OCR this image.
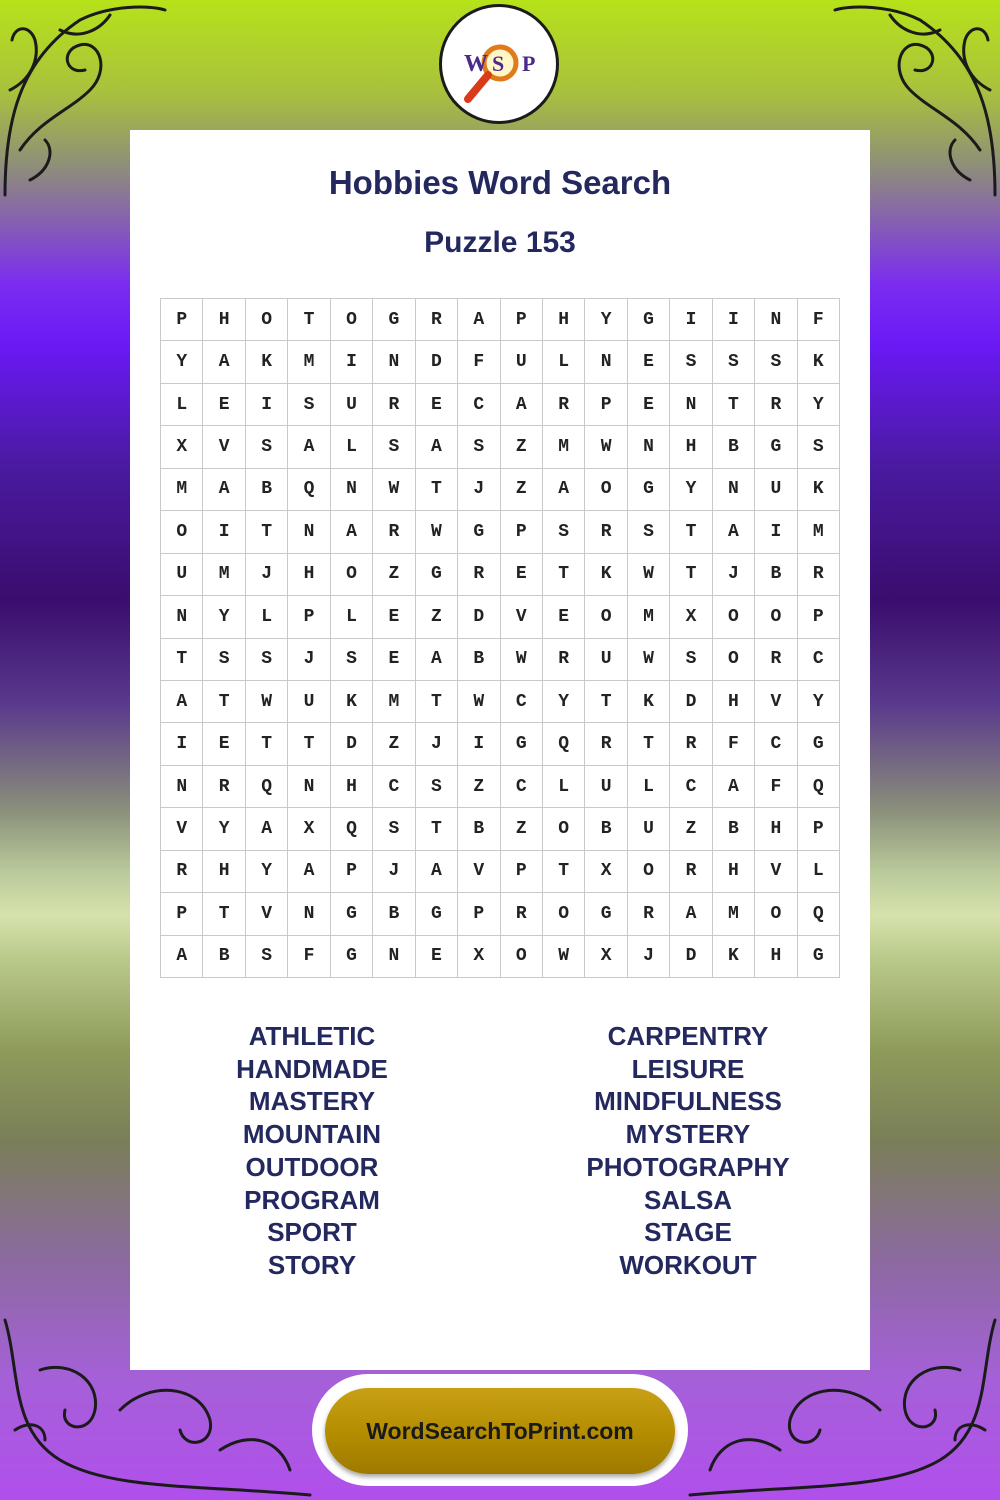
W S P
Hobbies Word Search
Puzzle 153
P	H	O	T	O	G	R	A	P	H	Y	G	I	I	N	F
Y	A	K	M	I	N	D	F	U	L	N	E	S	S	S	K
L	E	I	S	U	R	E	C	A	R	P	E	N	T	R	Y
X	V	S	A	L	S	A	S	Z	M	W	N	H	B	G	S
M	A	B	Q	N	W	T	J	Z	A	O	G	Y	N	U	K
O	I	T	N	A	R	W	G	P	S	R	S	T	A	I	M
U	M	J	H	O	Z	G	R	E	T	K	W	T	J	B	R
N	Y	L	P	L	E	Z	D	V	E	O	M	X	O	O	P
T	S	S	J	S	E	A	B	W	R	U	W	S	O	R	C
A	T	W	U	K	M	T	W	C	Y	T	K	D	H	V	Y
I	E	T	T	D	Z	J	I	G	Q	R	T	R	F	C	G
N	R	Q	N	H	C	S	Z	C	L	U	L	C	A	F	Q
V	Y	A	X	Q	S	T	B	Z	O	B	U	Z	B	H	P
R	H	Y	A	P	J	A	V	P	T	X	O	R	H	V	L
P	T	V	N	G	B	G	P	R	O	G	R	A	M	O	Q
A	B	S	F	G	N	E	X	O	W	X	J	D	K	H	G
ATHLETIC
HANDMADE
MASTERY
MOUNTAIN
OUTDOOR
PROGRAM
SPORT
STORY
CARPENTRY
LEISURE
MINDFULNESS
MYSTERY
PHOTOGRAPHY
SALSA
STAGE
WORKOUT
WordSearchToPrint.com
